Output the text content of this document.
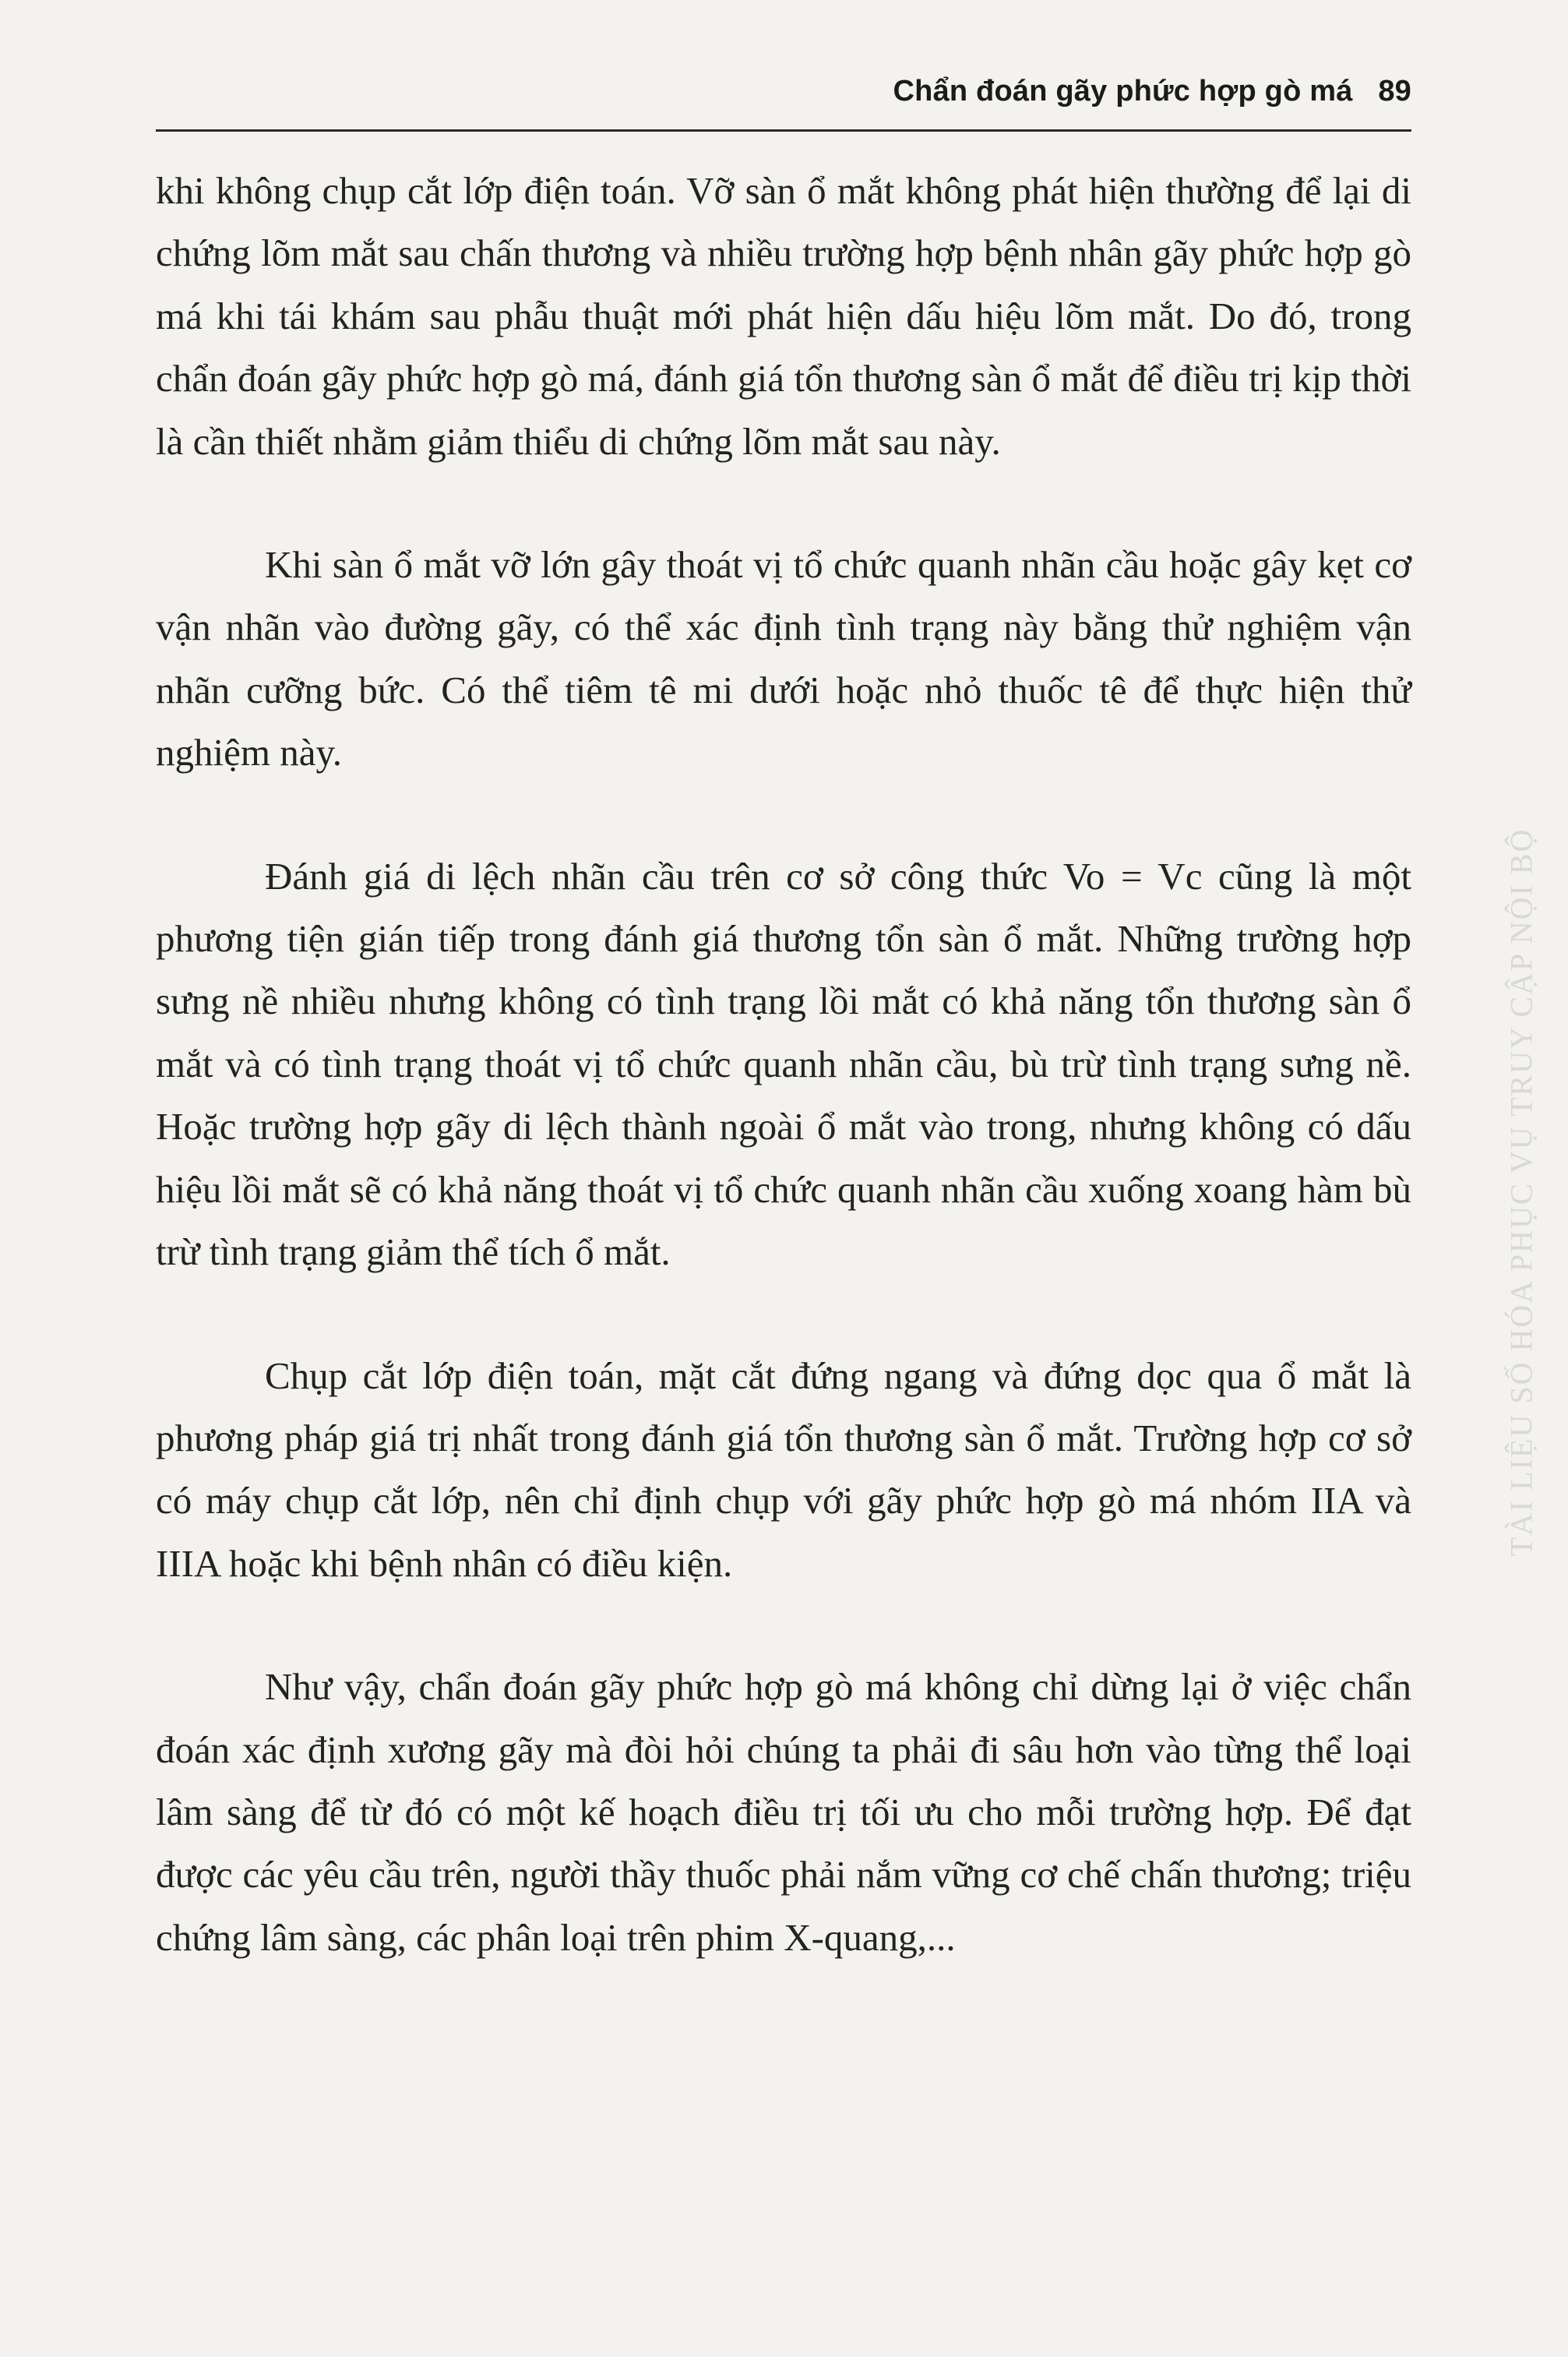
Chẩn đoán gãy phức hợp gò má 89

khi không chụp cắt lớp điện toán. Vỡ sàn ổ mắt không phát hiện thường để lại di chứng lõm mắt sau chấn thương và nhiều trường hợp bệnh nhân gãy phức hợp gò má khi tái khám sau phẫu thuật mới phát hiện dấu hiệu lõm mắt. Do đó, trong chẩn đoán gãy phức hợp gò má, đánh giá tổn thương sàn ổ mắt để điều trị kịp thời là cần thiết nhằm giảm thiểu di chứng lõm mắt sau này.

Khi sàn ổ mắt vỡ lớn gây thoát vị tổ chức quanh nhãn cầu hoặc gây kẹt cơ vận nhãn vào đường gãy, có thể xác định tình trạng này bằng thử nghiệm vận nhãn cưỡng bức. Có thể tiêm tê mi dưới hoặc nhỏ thuốc tê để thực hiện thử nghiệm này.

Đánh giá di lệch nhãn cầu trên cơ sở công thức Vo = Vc cũng là một phương tiện gián tiếp trong đánh giá thương tổn sàn ổ mắt. Những trường hợp sưng nề nhiều nhưng không có tình trạng lồi mắt có khả năng tổn thương sàn ổ mắt và có tình trạng thoát vị tổ chức quanh nhãn cầu, bù trừ tình trạng sưng nề. Hoặc trường hợp gãy di lệch thành ngoài ổ mắt vào trong, nhưng không có dấu hiệu lồi mắt sẽ có khả năng thoát vị tổ chức quanh nhãn cầu xuống xoang hàm bù trừ tình trạng giảm thể tích ổ mắt.

Chụp cắt lớp điện toán, mặt cắt đứng ngang và đứng dọc qua ổ mắt là phương pháp giá trị nhất trong đánh giá tổn thương sàn ổ mắt. Trường hợp cơ sở có máy chụp cắt lớp, nên chỉ định chụp với gãy phức hợp gò má nhóm IIA và IIIA hoặc khi bệnh nhân có điều kiện.

Như vậy, chẩn đoán gãy phức hợp gò má không chỉ dừng lại ở việc chẩn đoán xác định xương gãy mà đòi hỏi chúng ta phải đi sâu hơn vào từng thể loại lâm sàng để từ đó có một kế hoạch điều trị tối ưu cho mỗi trường hợp. Để đạt được các yêu cầu trên, người thầy thuốc phải nắm vững cơ chế chấn thương; triệu chứng lâm sàng, các phân loại trên phim X-quang,...

TÀI LIỆU SỐ HÓA PHỤC VỤ TRUY CẬP NỘI BỘ
